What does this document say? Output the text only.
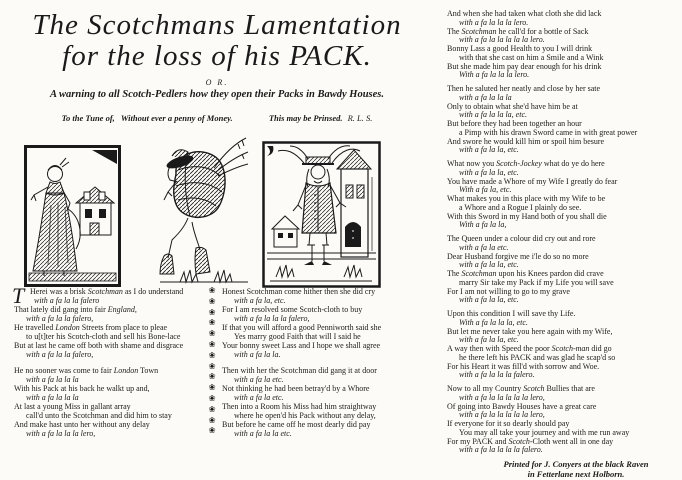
The Scotchmans Lamentation
for the loss of his PACK.
O R.
A warning to all Scotch-Pedlers how they open their Packs in Bawdy Houses.
To the Tune of, Without ever a penny of Money.	This may be Prinsed. R. L. S.
T Herei was a brisk Scotchman as I do understand
with a fa la la falero
That lately did gang into fair England,
with a fa la la falero,
He travelled London Streets from place to pleae
to u[t]ter his Scotch-cloth and sell his Bone-lace
But at last he came off both with shame and disgrace
with a fa la la falero,
He no sooner was come to fair London Town
with a fa la la la
With his Pack at his back he walkt up and,
with a fa la la la
At last a young Miss in gallant array
call'd unto the Scotchman and did him to stay
And make hast unto her without any delay
with a fa la la la lero,
❀
❀
❀
❀
❀
❀
❀
❀
❀
❀
❀
❀
❀
❀
Honest Scotchman come hither then she did cry
with a fa la, etc.
For I am resolved some Scotch-cloth to buy
with a fa la la la falero,
If that you will afford a good Penniworth said she
Yes marry good Faith that will I said he
Your bonny sweet Lass and I hope we shall agree
with a fa la la.
Then with her the Scotchman did gang it at door
with a fa la etc.
Not thinking he had been betray'd by a Whore
with a fa la etc.
Then into a Room his Miss had him straightway
where he open'd his Pack without any delay,
But before he came off he most dearly did pay
with a fa la la etc.
And when she had taken what cloth she did lack
with a fa la la la lero.
The Scotchman he call'd for a bottle of Sack
with a fa la la la la la lero.
Bonny Lass a good Health to you I will drink
with that she cast on him a Smile and a Wink
But she made him pay dear enough for his drink
With a fa la la la lero.
Then he saluted her neatly and close by her sate
with a fa la la la
Only to obtain what she'd have him be at
with a fa la la la, etc.
But before they had been together an hour
a Pimp with his drawn Sword came in with great power
And swore he would kill him or spoil him besure
with a fa la la, etc.
What now you Scotch-Jockey what do ye do here
with a fa la la, etc.
You have made a Whore of my Wife I greatly do fear
With a fa la, etc.
What makes you in this place with my Wife to be
a Whore and a Rogue I plainly do see.
With this Sword in my Hand both of you shall die
With a fa la la,
The Queen under a colour did cry out and rore
with a fa la etc.
Dear Husband forgive me i'le do so no more
with a fa la la, etc.
The Scotchman upon his Knees pardon did crave
marry Sir take my Pack if my Life you will save
For I am not willing to go to my grave
with a fa la la, etc.
Upon this condition I will save thy Life.
With a fa la la la, etc.
But let me never take you here again with my Wife,
with a fa la la, etc.
A way then with Speed the poor Scotch-man did go
he there left his PACK and was glad he scap'd so
For his Heart it was fill'd with sorrow and Woe.
with a fa la la la falero.
Now to all my Country Scotch Bullies that are
with a fa la la la la la lero,
Of going into Bawdy Houses have a great care
with a fa la la la la la lero,
If everyone for it so dearly should pay
You may all take your journey and with me run away
For my PACK and Scotch-Cloth went all in one day
with a fa la la la la falero.
Printed for J. Conyers at the black Raven
in Fetterlane next Holborn.
